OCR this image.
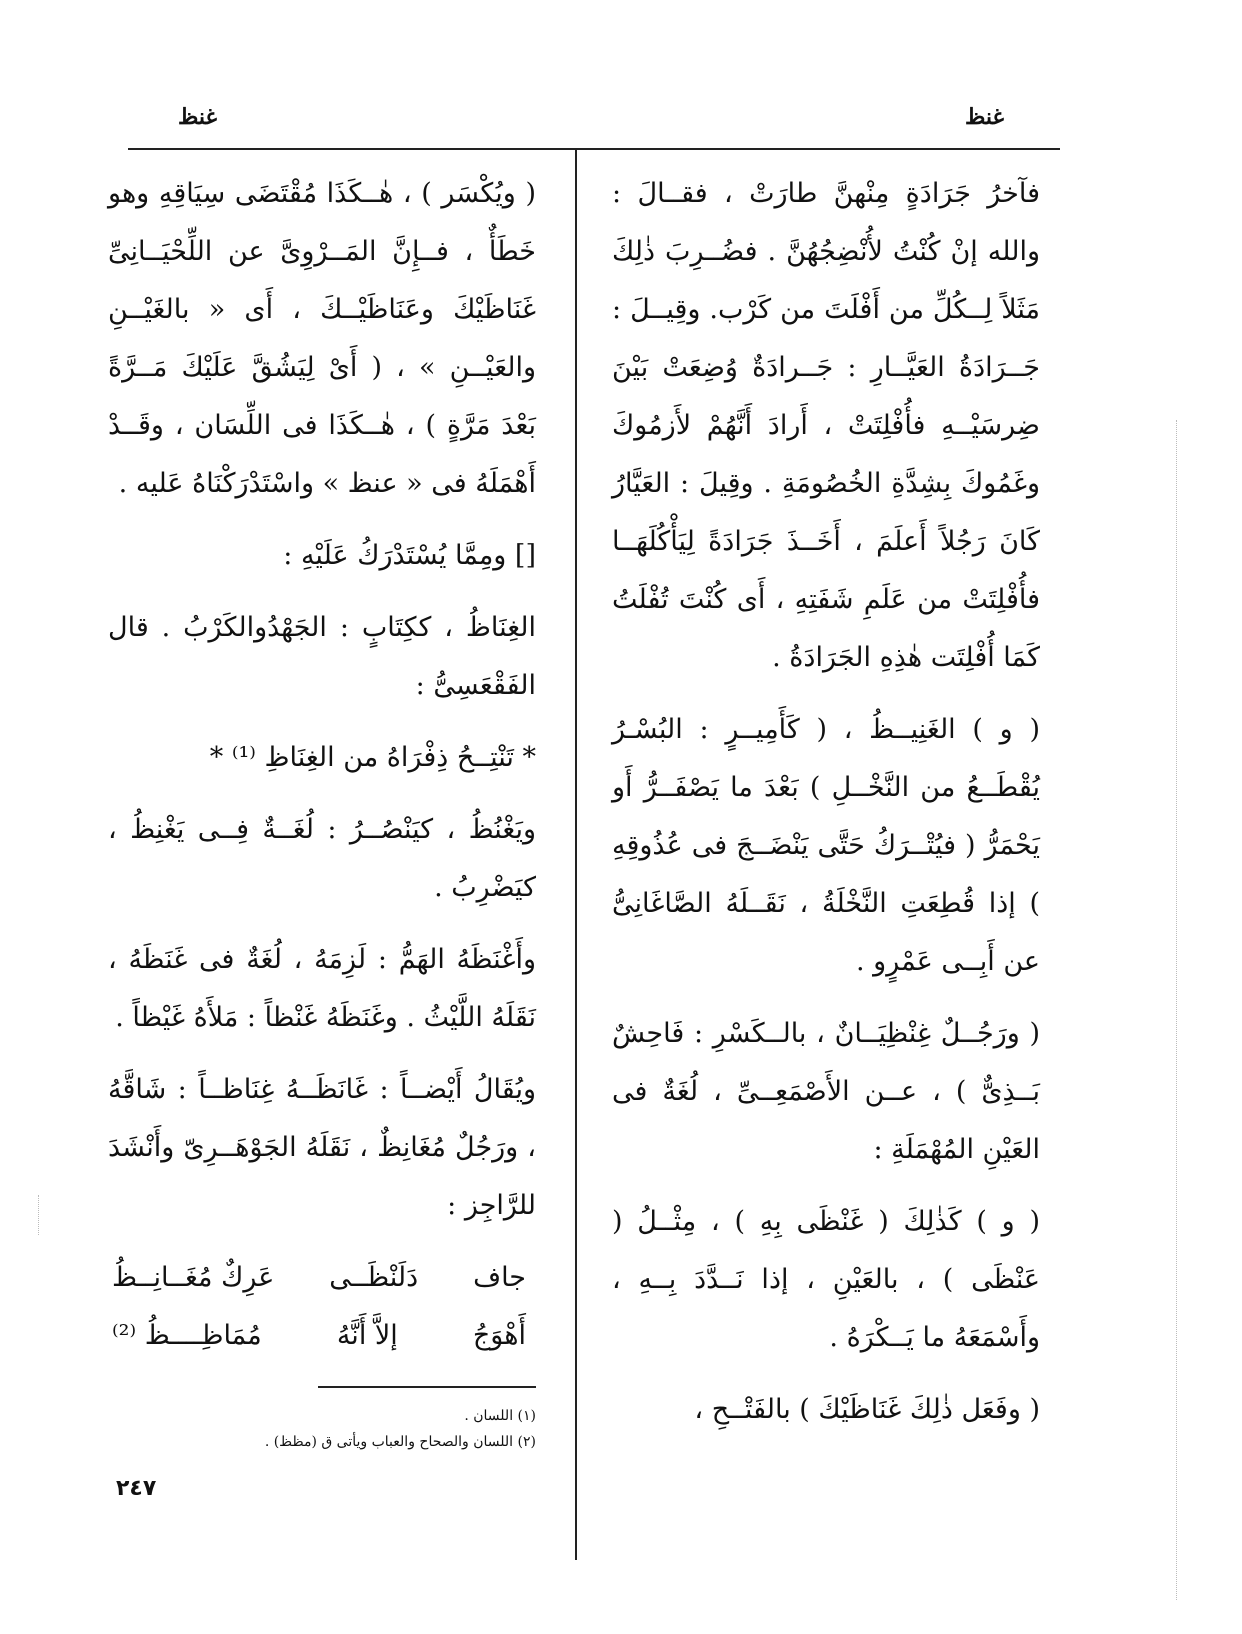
غنظ	غنظ

فآخرُ جَرَادَةٍ مِنْهنَّ طارَتْ ، فقــالَ : والله إنْ كُنْتُ لأُنْضِجُهُنَّ . فضُــرِبَ ذٰلِكَ مَثَلاً لِــكُلِّ من أَفْلَتَ من كَرْب. وقِيــلَ : جَــرَادَةُ العَيَّــارِ : جَــرادَةٌ وُضِعَتْ بَيْنَ ضِرسَيْــهِ فأُفْلِتَتْ ، أَرادَ أَنَّهُمْ لأَزمُوكَ وغَمُوكَ بِشِدَّةِ الخُصُومَةِ . وقِيلَ : العَيَّارُ كَانَ رَجُلاً أَعلَمَ ، أَخَــذَ جَرَادَةً لِيَأْكُلَهَــا فأُفْلِتَتْ من عَلَمِ شَفَتِهِ ، أَى كُنْتَ تُفْلَتُ كَمَا أُفْلِتَت هٰذِهِ الجَرَادَةُ .

( و ) الغَنِيــظُ ، ( كَأَمِيــرٍ : البُسْـرُ يُقْطَــعُ من النَّخْــلِ ) بَعْدَ ما يَصْفَــرُّ أَو يَحْمَرُّ ( فيُتْــرَكُ حَتَّى يَنْضَــجَ فى عُذُوقِهِ ) إذا قُطِعَتِ النَّخْلَةُ ، نَقَــلَهُ الصَّاغَانِىُّ عن أَبِــى عَمْرٍو .

( ورَجُــلٌ غِنْظِيَــانٌ ، بالــكَسْرِ : فَاحِشٌ بَــذِىٌّ ) ، عــن الأَصْمَعِــىِّ ، لُغَةٌ فى العَيْنِ المُهْمَلَةِ :

( و ) كَذٰلِكَ ( غَنْظَى بِهِ ) ، مِثْــلُ ( عَنْظَى ) ، بالعَيْنِ ، إذا نَــدَّدَ بِــهِ ، وأَسْمَعَهُ ما يَــكْرَهُ .

( وفَعَل ذٰلِكَ غَنَاظَيْكَ ) بالفَتْــحِ ،

( ويُكْسَر ) ، هٰــكَذَا مُقْتَضَى سِيَاقِهِ وهو خَطَأٌ ، فــإِنَّ المَــرْوِىَّ عن اللِّحْيَــانِىِّ غَنَاظَيْكَ وعَنَاظَيْــكَ ، أَى « بالغَيْــنِ والعَيْــنِ » ، ( أَىْ لِيَشُقَّ عَلَيْكَ مَــرَّةً بَعْدَ مَرَّةٍ ) ، هٰــكَذَا فى اللِّسَان ، وقَــدْ أَهْمَلَهُ فى « عنظ » واسْتَدْرَكْنَاهُ عَليه .

[] ومِمَّا يُسْتَدْرَكُ عَلَيْهِ :

الغِنَاظُ ، ككِتَابٍ : الجَهْدُوالكَرْبُ . قال الفَقْعَسِىُّ :

* تَنْتِــحُ ذِفْرَاهُ من الغِنَاظِ ⁽¹⁾ *

ويَغْنُظُ ، كيَنْصُــرُ : لُغَــةٌ فِــى يَغْنِظُ ، كيَضْرِبُ .

وأَغْنَظَهُ الهَمُّ : لَزِمَهُ ، لُغَةٌ فى غَنَظَهُ ، نَقَلَهُ اللَّيْثُ . وغَنَظَهُ غَنْظاً : مَلأَهُ غَيْظاً .

ويُقَالُ أَيْضــاً : غَانَظَــهُ غِنَاظــاً : شَاقَّهُ ، ورَجُلٌ مُغَانِظٌ ، نَقَلَهُ الجَوْهَــرِىّ وأَنْشَدَ للرَّاجِز :

جاف
دَلَنْظَــى
عَرِكٌ مُغَــانِــظُ
أَهْوَجُ
إلاَّ أَنَّهُ
مُمَاظِــــظُ ⁽²⁾
(١) اللسان .
(٢) اللسان والصحاح والعباب ويأتى ق (مظظ) .
٢٤٧
